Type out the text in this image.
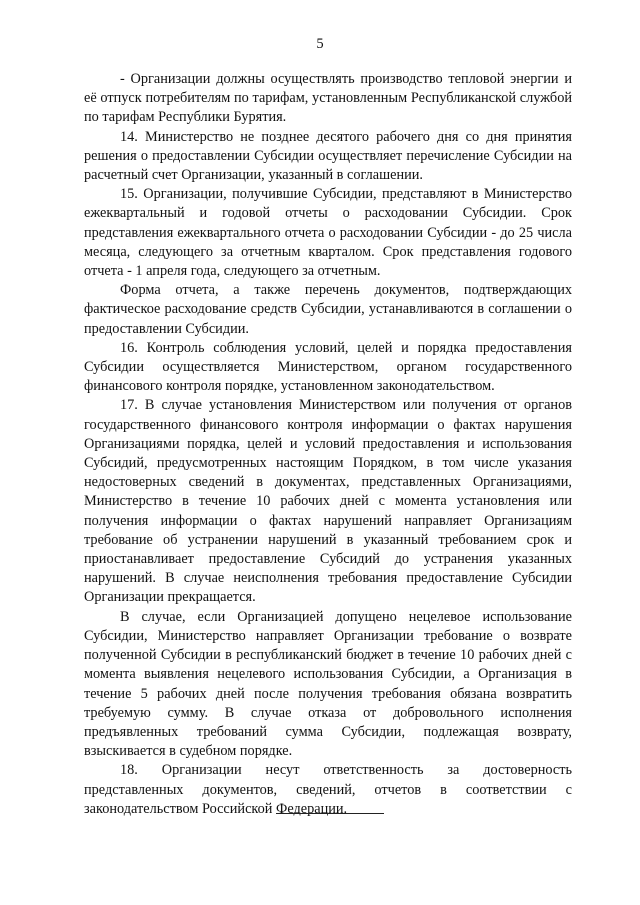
5

- Организации должны осуществлять производство тепловой энергии и её отпуск потребителям по тарифам, установленным Республиканской службой по тарифам Республики Бурятия.

14. Министерство не позднее десятого рабочего дня со дня принятия решения о предоставлении Субсидии осуществляет перечисление Субсидии на расчетный счет Организации, указанный в соглашении.

15. Организации, получившие Субсидии, представляют в Министерство ежеквартальный и годовой отчеты о расходовании Субсидии. Срок представления ежеквартального отчета о расходовании Субсидии - до 25 числа месяца, следующего за отчетным кварталом. Срок представления годового отчета - 1 апреля года, следующего за отчетным.

Форма отчета, а также перечень документов, подтверждающих фактическое расходование средств Субсидии, устанавливаются в соглашении о предоставлении Субсидии.

16. Контроль соблюдения условий, целей и порядка предоставления Субсидии осуществляется Министерством, органом государственного финансового контроля порядке, установленном законодательством.

17. В случае установления Министерством или получения от органов государственного финансового контроля информации о фактах нарушения Организациями порядка, целей и условий предоставления и использования Субсидий, предусмотренных настоящим Порядком, в том числе указания недостоверных сведений в документах, представленных Организациями, Министерство в течение 10 рабочих дней с момента установления или получения информации о фактах нарушений направляет Организациям требование об устранении нарушений в указанный требованием срок и приостанавливает предоставление Субсидий до устранения указанных нарушений. В случае неисполнения требования предоставление Субсидии Организации прекращается.

В случае, если Организацией допущено нецелевое использование Субсидии, Министерство направляет Организации требование о возврате полученной Субсидии в республиканский бюджет в течение 10 рабочих дней с момента выявления нецелевого использования Субсидии, а Организация в течение 5 рабочих дней после получения требования обязана возвратить требуемую сумму. В случае отказа от добровольного исполнения предъявленных требований сумма Субсидии, подлежащая возврату, взыскивается в судебном порядке.

18. Организации несут ответственность за достоверность представленных документов, сведений, отчетов в соответствии с законодательством Российской Федерации.
